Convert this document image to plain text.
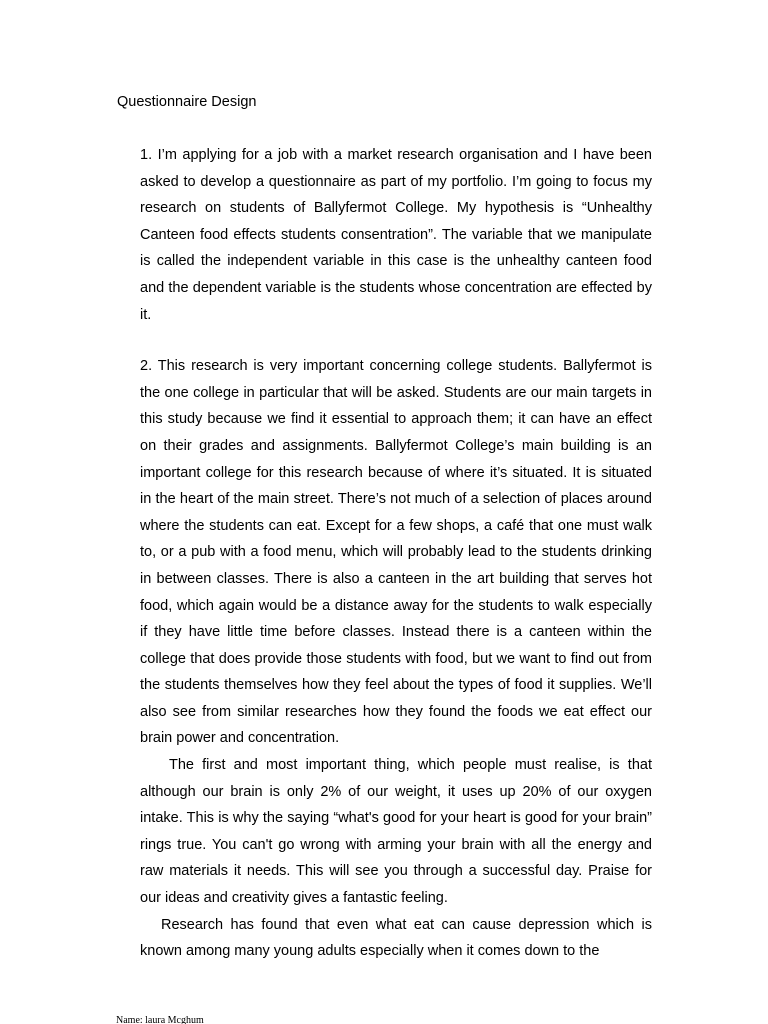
Questionnaire Design

1. I’m applying for a job with a market research organisation and I have been asked to develop a questionnaire as part of my portfolio. I’m going to focus my research on students of Ballyfermot College. My hypothesis is “Unhealthy Canteen food effects students consentration”. The variable that we manipulate is called the independent variable in this case is the unhealthy canteen food and the dependent variable is the students whose concentration are effected by it.

2. This research is very important concerning college students. Ballyfermot is the one college in particular that will be asked. Students are our main targets in this study because we find it essential to approach them; it can have an effect on their grades and assignments. Ballyfermot College’s main building is an important college for this research because of where it’s situated. It is situated in the heart of the main street. There’s not much of a selection of places around where the students can eat. Except for a few shops, a café that one must walk to, or a pub with a food menu, which will probably lead to the students drinking in between classes. There is also a canteen in the art building that serves hot food, which again would be a distance away for the students to walk especially if they have little time before classes. Instead there is a canteen within the college that does provide those students with food, but we want to find out from the students themselves how they feel about the types of food it supplies. We’ll also see from similar researches how they found the foods we eat effect our brain power and concentration.

The first and most important thing, which people must realise, is that although our brain is only 2% of our weight, it uses up 20% of our oxygen intake. This is why the saying “what's good for your heart is good for your brain” rings true. You can't go wrong with arming your brain with all the energy and raw materials it needs. This will see you through a successful day. Praise for our ideas and creativity gives a fantastic feeling.

Research has found that even what eat can cause depression which is known among many young adults especially when it comes down to the

Name: laura Mcghum
